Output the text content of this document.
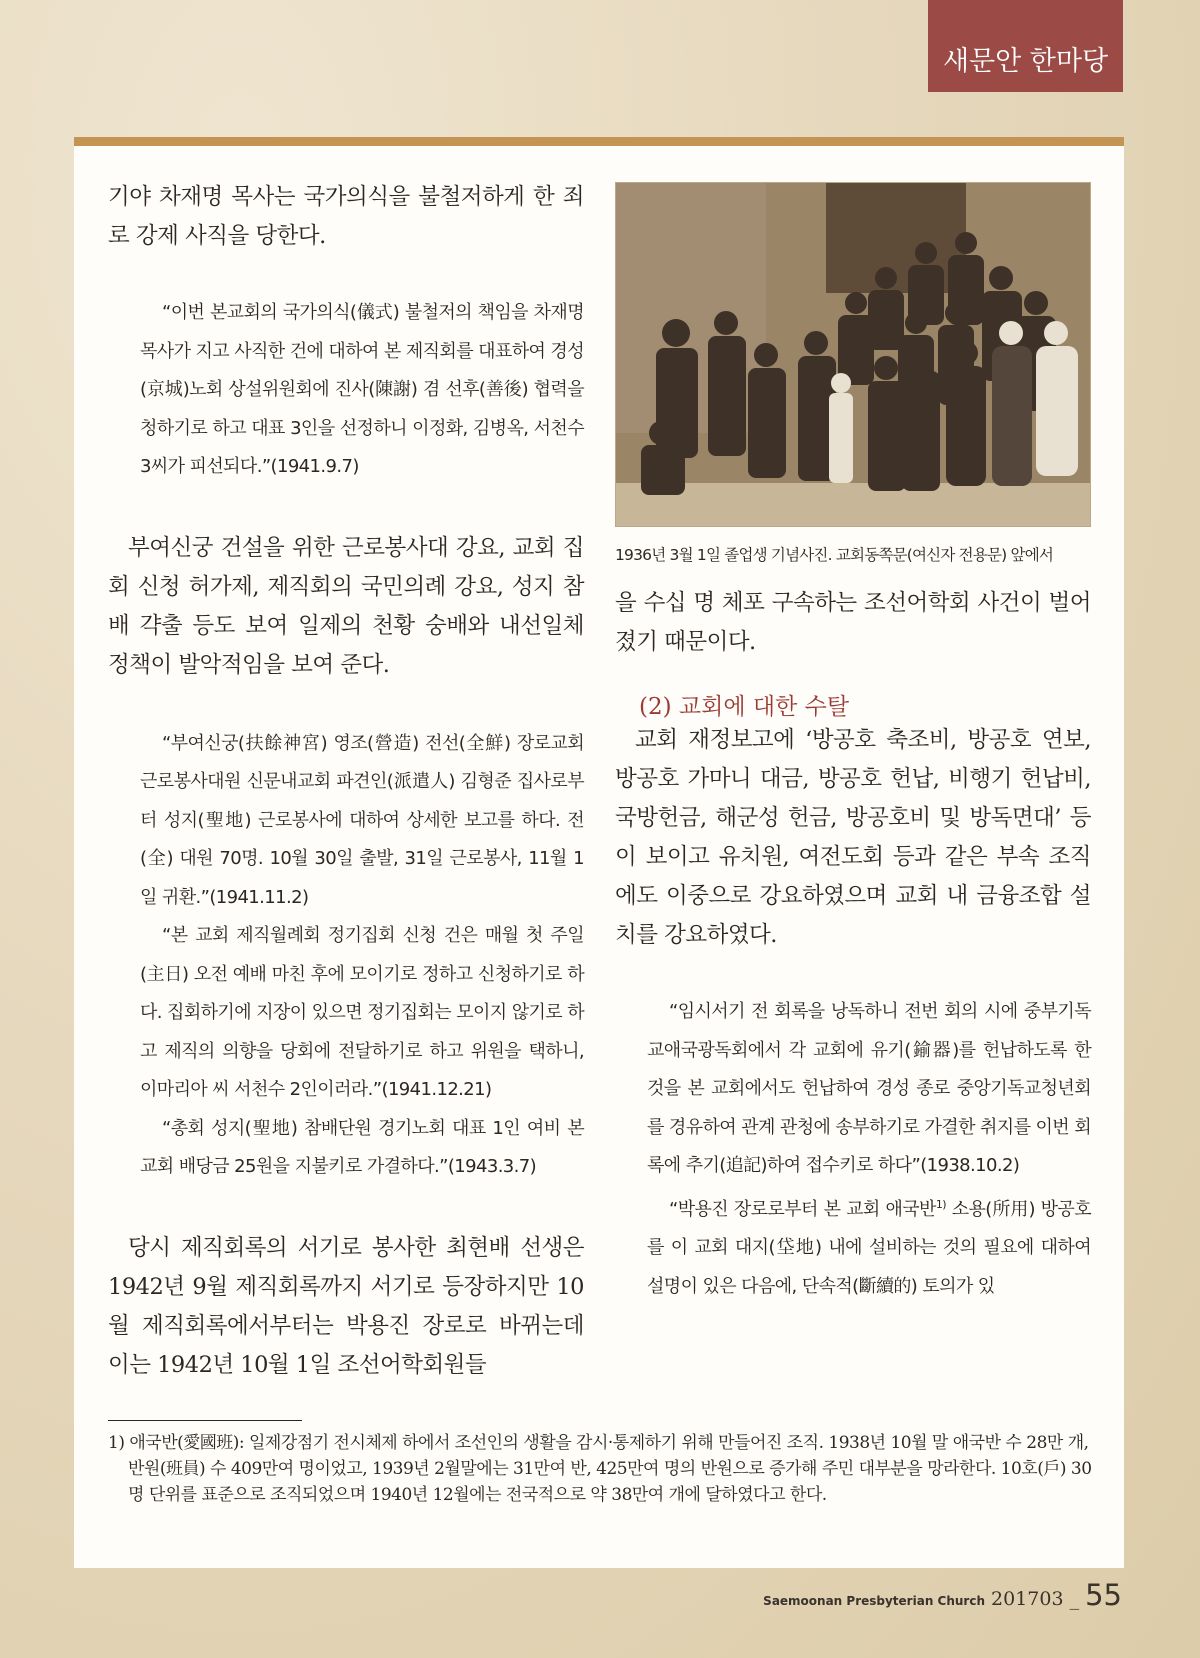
새문안 한마당

기야 차재명 목사는 국가의식을 불철저하게 한 죄로 강제 사직을 당한다.

“이번 본교회의 국가의식(儀式) 불철저의 책임을 차재명 목사가 지고 사직한 건에 대하여 본 제직회를 대표하여 경성(京城)노회 상설위원회에 진사(陳謝) 겸 선후(善後) 협력을 청하기로 하고 대표 3인을 선정하니 이정화, 김병옥, 서천수 3씨가 피선되다.”(1941.9.7)

부여신궁 건설을 위한 근로봉사대 강요, 교회 집회 신청 허가제, 제직회의 국민의례 강요, 성지 참배 갹출 등도 보여 일제의 천황 숭배와 내선일체 정책이 발악적임을 보여 준다.

“부여신궁(扶餘神宮) 영조(營造) 전선(全鮮) 장로교회 근로봉사대원 신문내교회 파견인(派遣人) 김형준 집사로부터 성지(聖地) 근로봉사에 대하여 상세한 보고를 하다. 전(全) 대원 70명. 10월 30일 출발, 31일 근로봉사, 11월 1일 귀환.”(1941.11.2)

“본 교회 제직월례회 정기집회 신청 건은 매월 첫 주일(主日) 오전 예배 마친 후에 모이기로 정하고 신청하기로 하다. 집회하기에 지장이 있으면 정기집회는 모이지 않기로 하고 제직의 의향을 당회에 전달하기로 하고 위원을 택하니, 이마리아 씨 서천수 2인이러라.”(1941.12.21)

“총회 성지(聖地) 참배단원 경기노회 대표 1인 여비 본 교회 배당금 25원을 지불키로 가결하다.”(1943.3.7)

당시 제직회록의 서기로 봉사한 최현배 선생은 1942년 9월 제직회록까지 서기로 등장하지만 10월 제직회록에서부터는 박용진 장로로 바뀌는데 이는 1942년 10월 1일 조선어학회원들

1936년 3월 1일 졸업생 기념사진. 교회동쪽문(여신자 전용문) 앞에서

을 수십 명 체포 구속하는 조선어학회 사건이 벌어졌기 때문이다.

(2) 교회에 대한 수탈

교회 재정보고에 ‘방공호 축조비, 방공호 연보, 방공호 가마니 대금, 방공호 헌납, 비행기 헌납비, 국방헌금, 해군성 헌금, 방공호비 및 방독면대’ 등이 보이고 유치원, 여전도회 등과 같은 부속 조직에도 이중으로 강요하였으며 교회 내 금융조합 설치를 강요하였다.

“임시서기 전 회록을 낭독하니 전번 회의 시에 중부기독교애국광독회에서 각 교회에 유기(鍮器)를 헌납하도록 한 것을 본 교회에서도 헌납하여 경성 종로 중앙기독교청년회를 경유하여 관계 관청에 송부하기로 가결한 취지를 이번 회록에 추기(追記)하여 접수키로 하다”(1938.10.2)

“박용진 장로로부터 본 교회 애국반$^{1)}$ 소용(所用) 방공호를 이 교회 대지(垈地) 내에 설비하는 것의 필요에 대하여 설명이 있은 다음에, 단속적(斷續的) 토의가 있

1) 애국반(愛國班): 일제강점기 전시체제 하에서 조선인의 생활을 감시·통제하기 위해 만들어진 조직. 1938년 10월 말 애국반 수 28만 개, 반원(班員) 수 409만여 명이었고, 1939년 2월말에는 31만여 반, 425만여 명의 반원으로 증가해 주민 대부분을 망라한다. 10호(戶) 30명 단위를 표준으로 조직되었으며 1940년 12월에는 전국적으로 약 38만여 개에 달하였다고 한다.

Saemoonan Presbyterian Church 201703 _ 55
